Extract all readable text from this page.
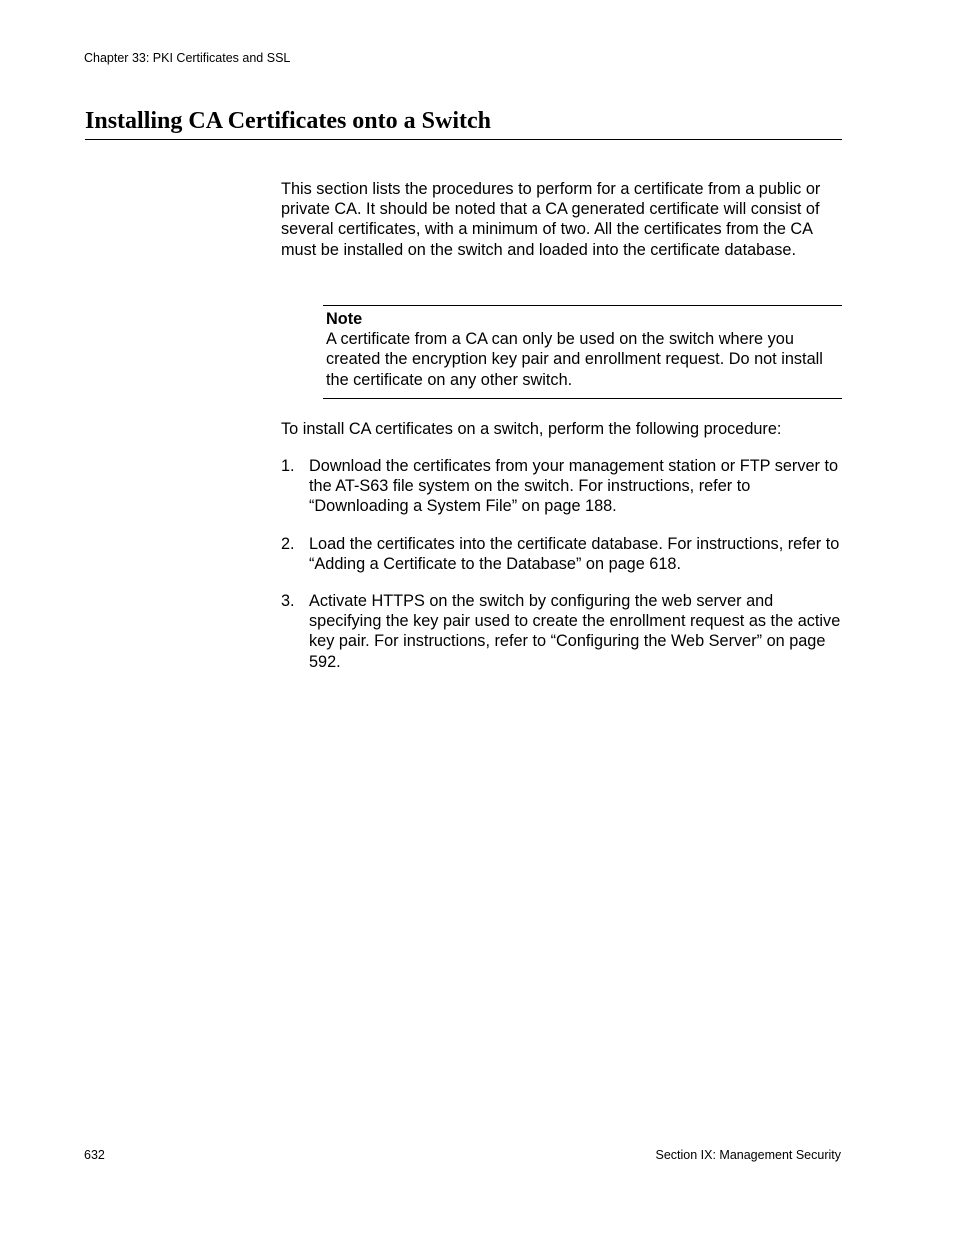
Chapter 33: PKI Certificates and SSL
Installing CA Certificates onto a Switch

This section lists the procedures to perform for a certificate from a public or private CA. It should be noted that a CA generated certificate will consist of several certificates, with a minimum of two. All the certificates from the CA must be installed on the switch and loaded into the certificate database.

Note

A certificate from a CA can only be used on the switch where you created the encryption key pair and enrollment request. Do not install the certificate on any other switch.

To install CA certificates on a switch, perform the following procedure:

1. Download the certificates from your management station or FTP server to the AT-S63 file system on the switch. For instructions, refer to “Downloading a System File” on page 188.
2. Load the certificates into the certificate database. For instructions, refer to “Adding a Certificate to the Database” on page 618.
3. Activate HTTPS on the switch by configuring the web server and specifying the key pair used to create the enrollment request as the active key pair. For instructions, refer to “Configuring the Web Server” on page 592.
632	Section IX: Management Security
